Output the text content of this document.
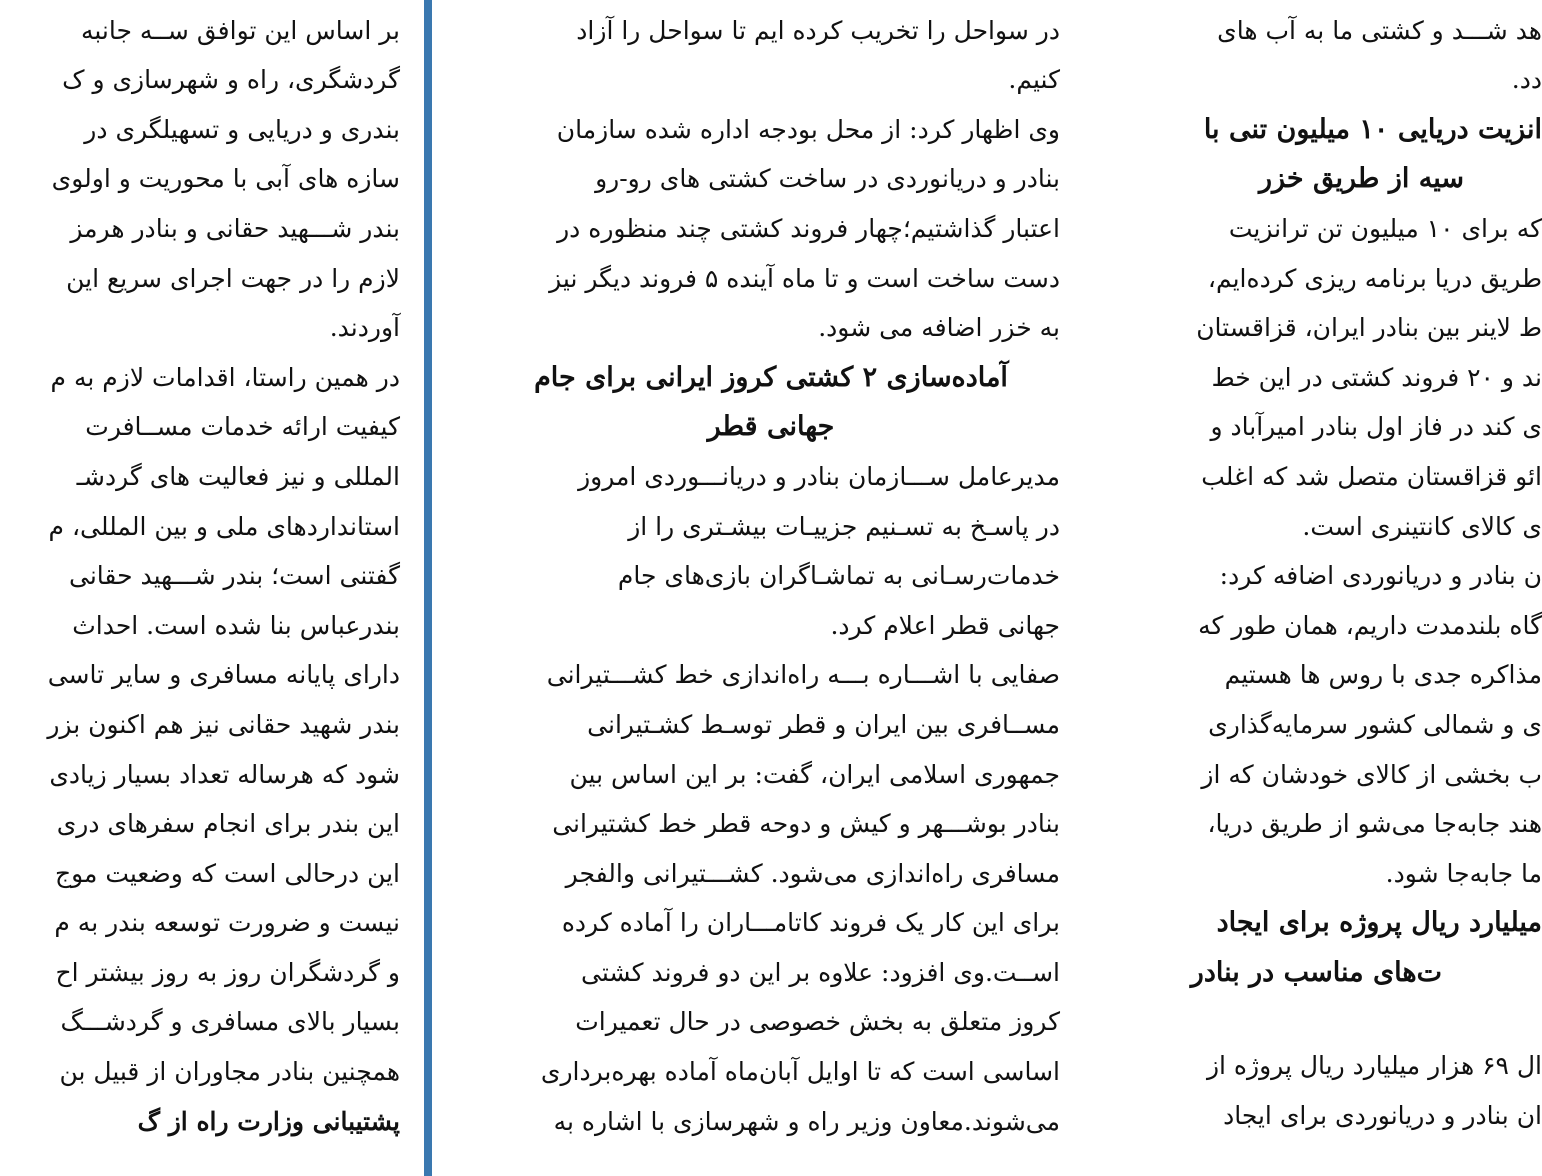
بر اساس این توافق ســه جانبه
گردشگری، راه و شهرسازی و ک
بندری و دریایی و تسهیلگری در
سازه های آبی با محوریت و اولوی
بندر شـــهید حقانی و بنادر هرمز
لازم را در جهت اجرای سریع این
آوردند.
در همین راستا، اقدامات لازم به م
کیفیت ارائه خدمات مســافرت
المللی و نیز فعالیت های گردشـ
استانداردهای ملی و بین المللی، م
گفتنی است؛ بندر شـــهید حقانی
بندرعباس بنا شده است. احداث
دارای پایانه مسافری و سایر تاسی
بندر شهید حقانی نیز هم اکنون بزر
شود که هرساله تعداد بسیار زیادی
این بندر برای انجام سفرهای دری
این درحالی است که وضعیت موج
نیست و ضرورت توسعه بندر به م
و گردشگران روز به روز بیشتر اح
بسیار بالای مسافری و گردشـــگ
همچنین بنادر مجاوران از قبیل بن
پشتیبانی وزارت راه از گ
در سواحل را تخریب کرده ایم تا سواحل را آزاد
کنیم.
وی اظهار کرد: از محل بودجه اداره شده سازمان
بنادر و دریانوردی در ساخت کشتی های رو-رو
اعتبار گذاشتیم؛چهار فروند کشتی چند منظوره در
دست ساخت است و تا ماه آینده ۵ فروند دیگر نیز
به خزر اضافه می شود.
آماده‌سازی ۲ کشتی کروز ایرانی برای جام
جهانی قطر
مدیرعامل ســـازمان بنادر و دریانـــوردی امروز
در پاسـخ به تسـنیم جزییـات بیشـتری را از
خدمات‌رسـانی به تماشـاگران بازی‌های جام
جهانی قطر اعلام کرد.
صفایی با اشـــاره بـــه راه‌اندازی خط کشـــتیرانی
مســافری بین ایران و قطر توسـط کشـتیرانی
جمهوری اسلامی ایران، گفت: بر این اساس بین
بنادر بوشـــهر و کیش و دوحه قطر خط کشتیرانی
مسافری راه‌اندازی می‌شود. کشـــتیرانی والفجر
برای این کار یک فروند کاتامـــاران را آماده کرده
اســت.وی افزود: علاوه بر این دو فروند کشتی
کروز متعلق به بخش خصوصی در حال تعمیرات
اساسی است که تا اوایل آبان‌ماه آماده بهره‌برداری
می‌شوند.معاون وزیر راه و شهرسازی با اشاره به
هد شـــد و کشتی ما به آب های
دد.
انزیت دریایی ۱۰ میلیون تنی با
سیه از طریق خزر
که برای ۱۰ میلیون تن ترانزیت
طریق دریا برنامه ریزی کرده‌ایم،
ط لاینر بین بنادر ایران، قزاقستان
ند و ۲۰ فروند کشتی در این خط
ی کند در فاز اول بنادر امیرآباد و
ائو قزاقستان متصل شد که اغلب
ی کالای کانتینری است.
ن بنادر و دریانوردی اضافه کرد:
گاه بلندمدت داریم، همان طور که
مذاکره جدی با روس ها هستیم
ی و شمالی کشور سرمایه‌گذاری
ب بخشی از کالای خودشان که از
هند جابه‌جا می‌شو از طریق دریا،
ما جابه‌جا شود.
میلیارد ریال پروژه برای ایجاد
ت‌های مناسب در بنادر
ال ۶۹ هزار میلیارد ریال پروژه از
ان بنادر و دریانوردی برای ایجاد
